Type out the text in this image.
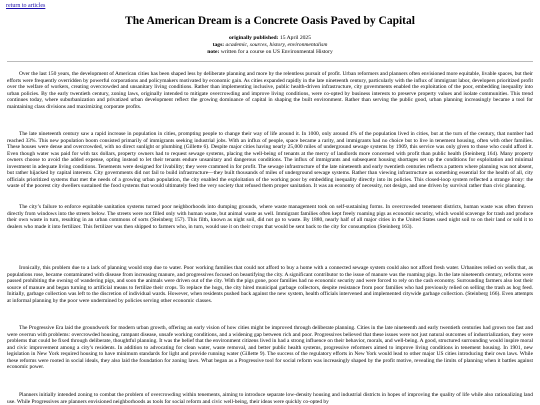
return to articles
The American Dream is a Concrete Oasis Paved by Capital
originally published: 15 April 2025
tags: academic, sources, history, environmentalism
note: written for a course on US Environmental History

Over the last 150 years, the development of American cities has been shaped less by deliberate planning and more by the relentless pursuit of profit. Urban reformers and planners often envisioned more equitable, livable spaces, but their efforts were frequently overridden by powerful corporations and policymakers motivated by economic gain. As cities expanded rapidly in the late nineteenth century, particularly with the influx of immigrant labor, developers prioritized profit over the welfare of workers, creating overcrowded and unsanitary living conditions. Rather than implementing inclusive, public health-driven infrastructure, city governments enabled the exploitation of the poor, embedding inequality into urban policies. By the early twentieth century, zoning laws, originally intended to mitigate overcrowding and improve living conditions, were co-opted by business interests to preserve property values and isolate communities. This trend continues today, where suburbanization and privatized urban development reflect the growing dominance of capital in shaping the built environment. Rather than serving the public good, urban planning increasingly became a tool for maintaining class divisions and maximizing corporate profits.

The late nineteenth century saw a rapid increase in population in cities, prompting people to change their way of life around it. In 1000, only around 4% of the population lived in cities, but at the turn of the century, that number had reached 33%. This new population boom consisted primarily of immigrants seeking industrial jobs. With an influx of people, space became a rarity, and immigrants had no choice but to live in tenement housing, often with other families. These houses were dense and overcrowded, with no direct sunlight or plumbing (Gillette 6). Despite major cities having nearly 25,000 miles of underground sewage systems by 1909, this service was only given to those who could afford it. Even though water was paid for with tax dollars, property owners had to request sewage systems, placing the well-being of tenants at the mercy of landlords more concerned with profit than public health (Steinberg 164). Many property owners choose to avoid the added expense, opting instead to let their tenants endure unsanitary and dangerous conditions. The influx of immigrants and subsequent housing shortages set up the conditions for exploitation and minimal investment in adequate living conditions. Tenements were designed for livability; they were crammed in for profit. The sewage infrastructure of the late nineteenth and early twentieth centuries reflects a pattern where planning was not absent, but rather hijacked by capital interests. City governments did not fail to build infrastructure—they built thousands of miles of underground sewage systems. Rather than viewing infrastructure as something essential for the health of all, city officials prioritized systems that met the needs of a growing urban population, the city enabled the exploitation of the working poor by embedding inequality directly into its policies. This closed-loop system reflected a strange irony: the waste of the poorest city dwellers sustained the food systems that would ultimately feed the very society that refused them proper sanitation. It was an economy of necessity, not design, and one driven by survival rather than civic planning.

The city’s failure to enforce equitable sanitation systems turned poor neighborhoods into dumping grounds, where waste management took on self-sustaining forms. In overcrowded tenement districts, human waste was often thrown directly from windows into the streets below. The streets were not filled only with human waste, but animal waste as well. Immigrant families often kept freely roaming pigs as economic security, which would scavenge for trash and produce their own waste in turn, resulting in an urban commons of sorts (Steinberg 157). This filth, known as night soil, did not go to waste. By 1880, nearly half of all major cities in the United States used night soil to on their land or sold it to dealers who made it into fertilizer. This fertilizer was then shipped to farmers who, in turn, would use it on their crops that would be sent back to the city for consumption (Steinberg 163).

Ironically, this problem due to a lack of planning would stop due to water. Poor working families that could not afford to buy a home with a connected sewage system could also not afford fresh water. Urbanites relied on wells that, as populations rose, became contaminated with disease from increasing manure, and progressives focused on beautifying the city. A significant contributor to the issue of manure was the roaming pigs. In the late nineteenth century, reforms were passed prohibiting the owning of wandering pigs, and soon the animals were driven out of the city. With the pigs gone, poor families had no economic security and were forced to rely on the cash economy. Surrounding farmers also lost their source of manure and began turning to artificial means to fertilize their crops. To replace the hogs, the city hired municipal garbage collectors, despite resistance from poor families who had previously relied on selling the trash as hog feed. Initially, garbage collection was left to the discretion of individual wards. However, when residents pushed back against the new system, health officials intervened and implemented citywide garbage collection. (Steinberg 166). Even attempts at informal planning by the poor were undermined by policies serving other economic classes.

The Progressive Era laid the groundwork for modern urban growth, offering an early vision of how cities might be improved through deliberate planning. Cities in the late nineteenth and early twentieth centuries had grown too fast and were overrun with problems: overcrowded housing, rampant disease, unsafe working conditions, and a widening gap between rich and poor. Progressives believed that these issues were not just natural outcomes of industrialization, they were problems that could be fixed through deliberate, thoughtful planning. It was the belief that the environment citizens lived in had a strong influence on their behavior, morals, and well-being. A good, structured surrounding would inspire moral and civic improvement among a city’s residents. In addition to advocating for clean water, waste removal, and better public health systems, progressive reformers aimed to improve living conditions in tenement housing. In 1901, new legislation in New York required housing to have minimum standards for light and provide running water (Gillette 9). The success of the regulatory efforts in New York would lead to other major US cities introducing their own laws. While these reforms were rooted in social ideals, they also laid the foundation for zoning laws. What began as a Progressive tool for social reform was increasingly shaped by the profit motive, revealing the limits of planning when it battles against economic power.

Planners initially intended zoning to combat the problem of overcrowding within tenements, aiming to introduce separate low-density housing and industrial districts in hopes of improving the quality of life while also rationalizing land use. While Progressives are planners envisioned neighborhoods as tools for social reform and civic well-being, their ideas were quickly co-opted by
